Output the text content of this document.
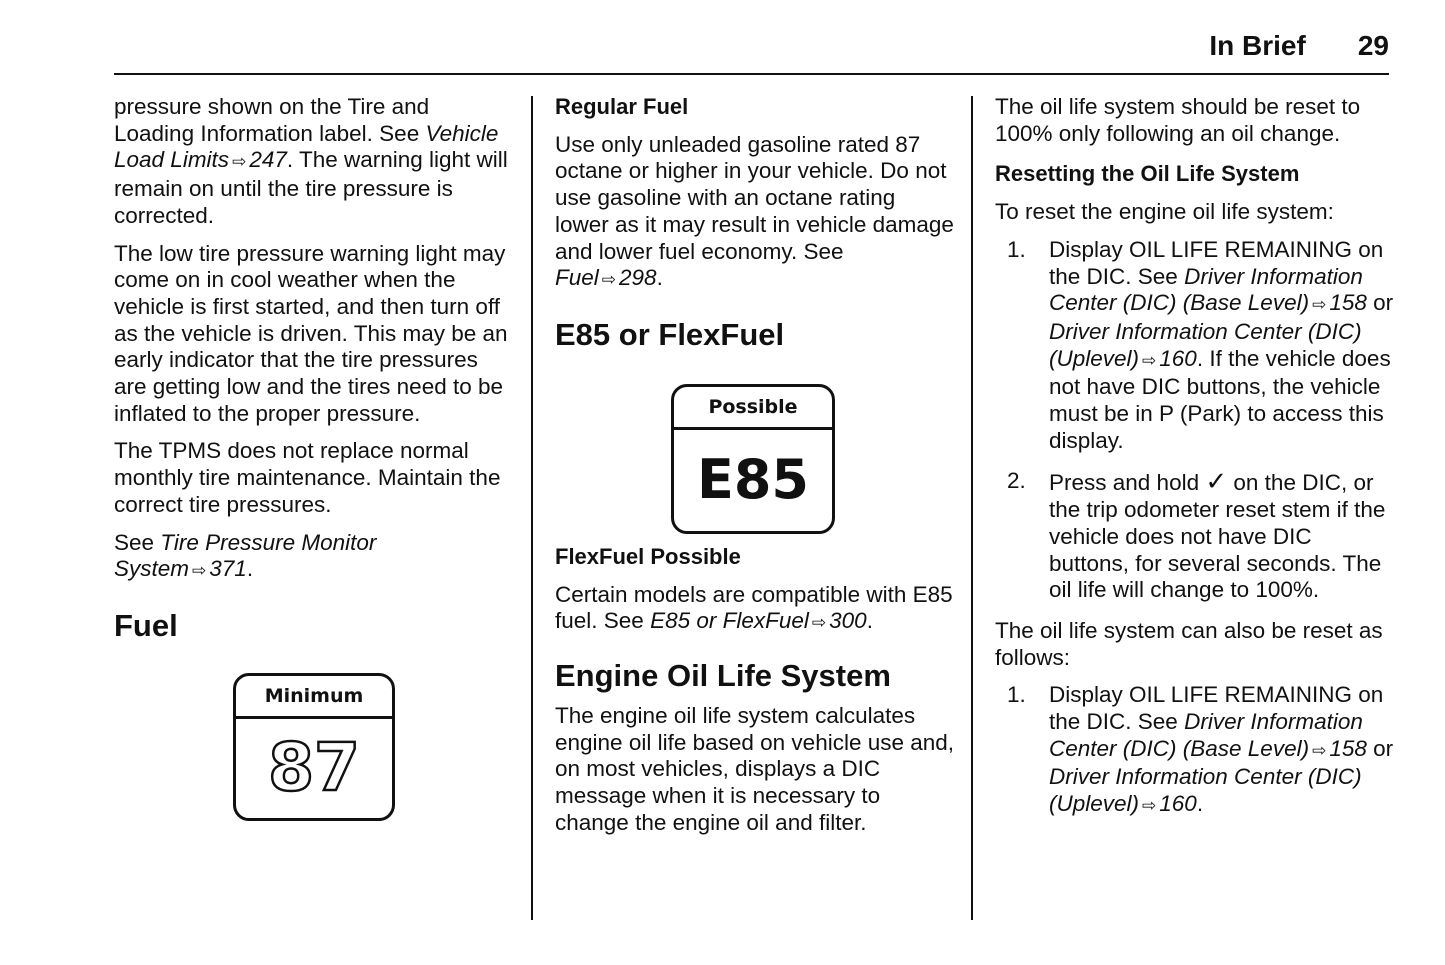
In Brief 29

pressure shown on the Tire and Loading Information label. See Vehicle Load Limits ⇨ 247. The warning light will remain on until the tire pressure is corrected.

The low tire pressure warning light may come on in cool weather when the vehicle is first started, and then turn off as the vehicle is driven. This may be an early indicator that the tire pressures are getting low and the tires need to be inflated to the proper pressure.

The TPMS does not replace normal monthly tire maintenance. Maintain the correct tire pressures.

See Tire Pressure Monitor System ⇨ 371.

Fuel
Minimum
87

Regular Fuel

Use only unleaded gasoline rated 87 octane or higher in your vehicle. Do not use gasoline with an octane rating lower as it may result in vehicle damage and lower fuel economy. See Fuel ⇨ 298.

E85 or FlexFuel
Possible
E85

FlexFuel Possible

Certain models are compatible with E85 fuel. See E85 or FlexFuel ⇨ 300.

Engine Oil Life System

The engine oil life system calculates engine oil life based on vehicle use and, on most vehicles, displays a DIC message when it is necessary to change the engine oil and filter.

The oil life system should be reset to 100% only following an oil change.

Resetting the Oil Life System

To reset the engine oil life system:

1.	Display OIL LIFE REMAINING on the DIC. See Driver Information Center (DIC) (Base Level) ⇨ 158 or Driver Information Center (DIC) (Uplevel) ⇨ 160. If the vehicle does not have DIC buttons, the vehicle must be in P (Park) to access this display.
2.	Press and hold ✓ on the DIC, or the trip odometer reset stem if the vehicle does not have DIC buttons, for several seconds. The oil life will change to 100%.

The oil life system can also be reset as follows:

1.	Display OIL LIFE REMAINING on the DIC. See Driver Information Center (DIC) (Base Level) ⇨ 158 or Driver Information Center (DIC) (Uplevel) ⇨ 160.
